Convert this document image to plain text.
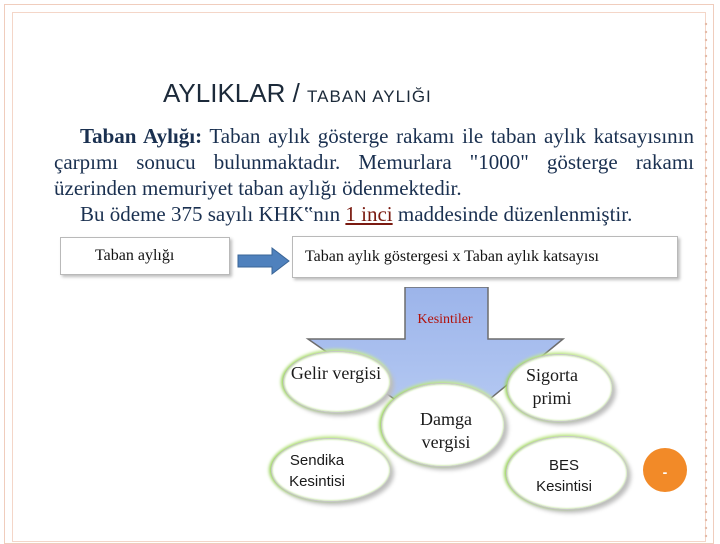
AYLIKLAR / TABAN AYLIĞI

Taban Aylığı: Taban aylık gösterge rakamı ile taban aylık katsayısının çarpımı sonucu bulunmaktadır. Memurlara "1000" gösterge rakamı üzerinden memuriyet taban aylığı ödenmektedir.

Bu ödeme 375 sayılı KHK‟nın 1 inci maddesinde düzenlenmiştir.

Taban aylığı	Taban aylık göstergesi x Taban aylık katsayısı
Kesintiler
Gelir vergisi	Sigorta primi
Damga vergisi
Sendika Kesintisi
BES Kesintisi
-
